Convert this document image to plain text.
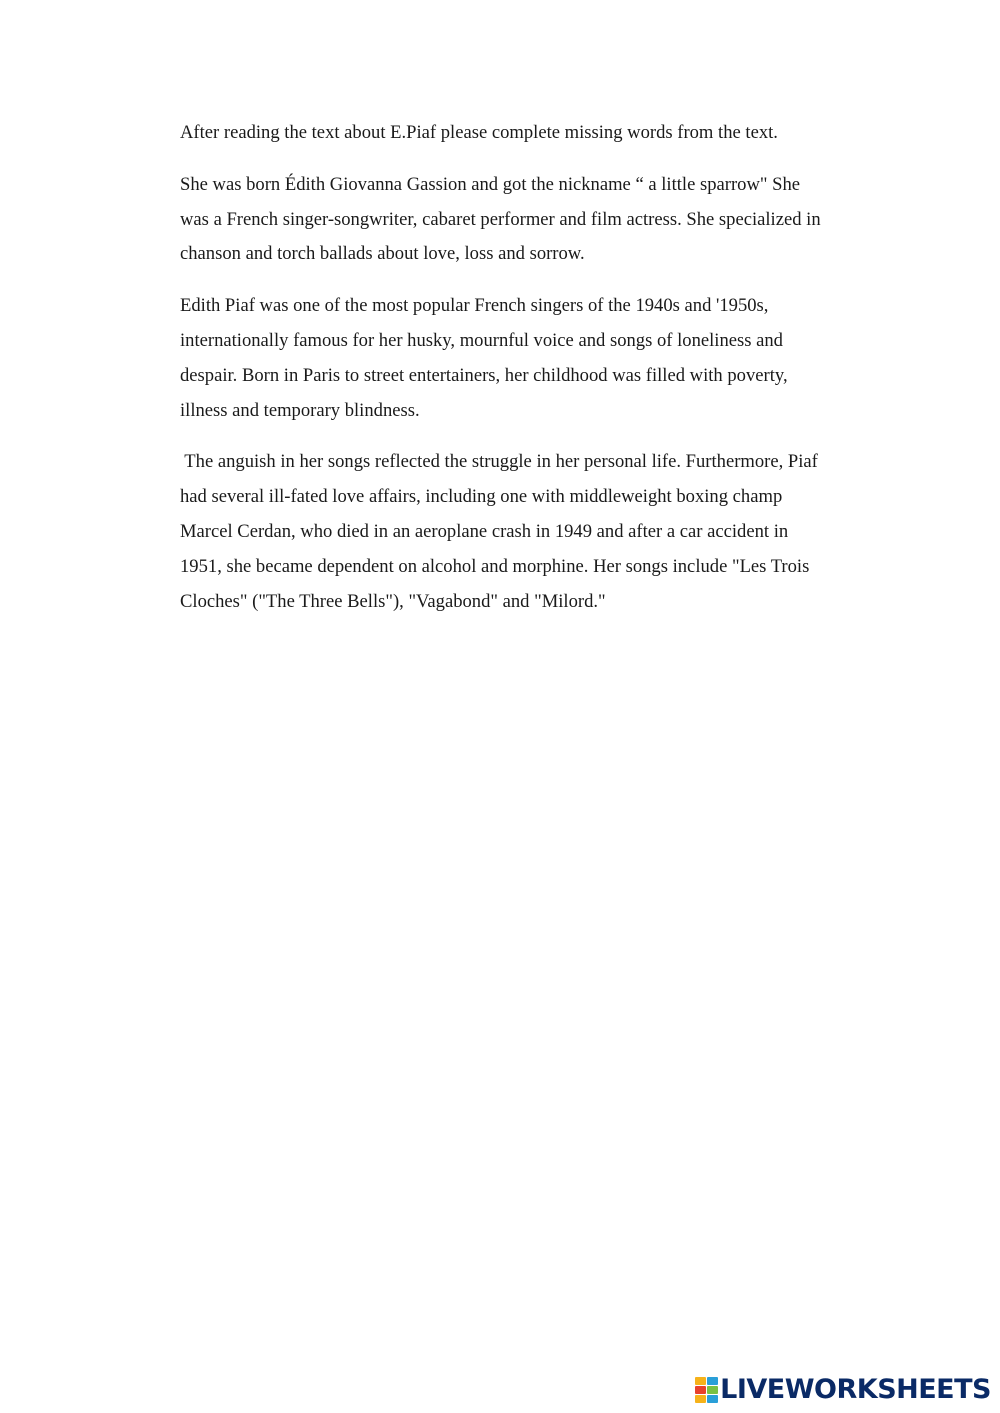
After reading the text about E.Piaf please complete missing words from the text.

She was born Édith Giovanna Gassion and got the nickname “ a little sparrow" She
was a French singer-songwriter, cabaret performer and film actress. She specialized in
chanson and torch ballads about love, loss and sorrow.

Edith Piaf was one of the most popular French singers of the 1940s and '1950s,
internationally famous for her husky, mournful voice and songs of loneliness and
despair. Born in Paris to street entertainers, her childhood was filled with poverty,
illness and temporary blindness.

The anguish in her songs reflected the struggle in her personal life. Furthermore, Piaf
had several ill-fated love affairs, including one with middleweight boxing champ
Marcel Cerdan, who died in an aeroplane crash in 1949 and after a car accident in
1951, she became dependent on alcohol and morphine. Her songs include "Les Trois
Cloches" ("The Three Bells"), "Vagabond" and "Milord."

LIVEWORKSHEETS
